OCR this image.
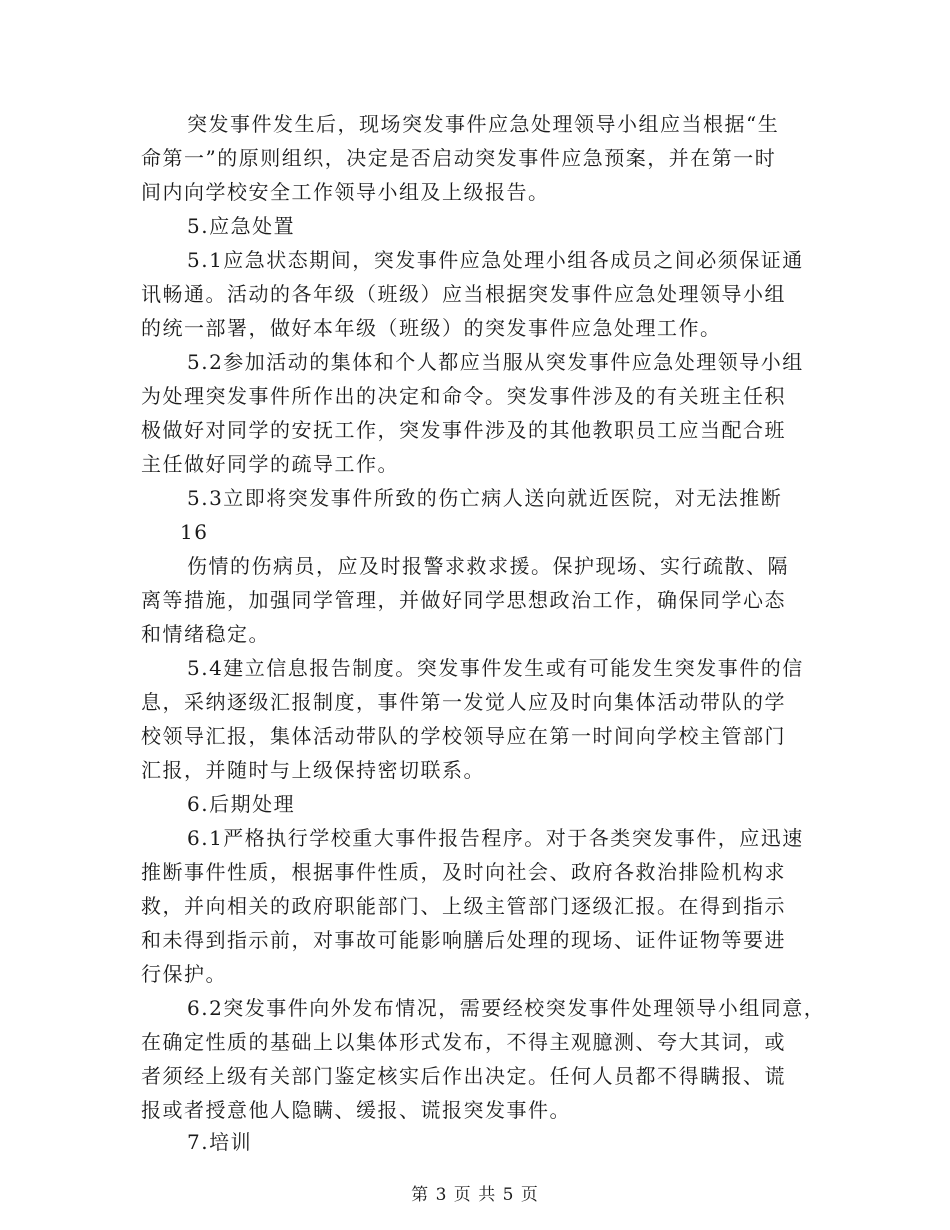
突发事件发生后，现场突发事件应急处理领导小组应当根据“生
命第一”的原则组织，决定是否启动突发事件应急预案，并在第一时
间内向学校安全工作领导小组及上级报告。
5.应急处置
5.1应急状态期间，突发事件应急处理小组各成员之间必须保证通
讯畅通。活动的各年级（班级）应当根据突发事件应急处理领导小组
的统一部署，做好本年级（班级）的突发事件应急处理工作。
5.2参加活动的集体和个人都应当服从突发事件应急处理领导小组
为处理突发事件所作出的决定和命令。突发事件涉及的有关班主任积
极做好对同学的安抚工作，突发事件涉及的其他教职员工应当配合班
主任做好同学的疏导工作。
5.3立即将突发事件所致的伤亡病人送向就近医院，对无法推断
16
伤情的伤病员，应及时报警求救求援。保护现场、实行疏散、隔
离等措施，加强同学管理，并做好同学思想政治工作，确保同学心态
和情绪稳定。
5.4建立信息报告制度。突发事件发生或有可能发生突发事件的信
息，采纳逐级汇报制度，事件第一发觉人应及时向集体活动带队的学
校领导汇报，集体活动带队的学校领导应在第一时间向学校主管部门
汇报，并随时与上级保持密切联系。
6.后期处理
6.1严格执行学校重大事件报告程序。对于各类突发事件，应迅速
推断事件性质，根据事件性质，及时向社会、政府各救治排险机构求
救，并向相关的政府职能部门、上级主管部门逐级汇报。在得到指示
和未得到指示前，对事故可能影响膳后处理的现场、证件证物等要进
行保护。
6.2突发事件向外发布情况，需要经校突发事件处理领导小组同意，
在确定性质的基础上以集体形式发布，不得主观臆测、夸大其词，或
者须经上级有关部门鉴定核实后作出决定。任何人员都不得瞒报、谎
报或者授意他人隐瞒、缓报、谎报突发事件。
7.培训
第 3 页 共 5 页
